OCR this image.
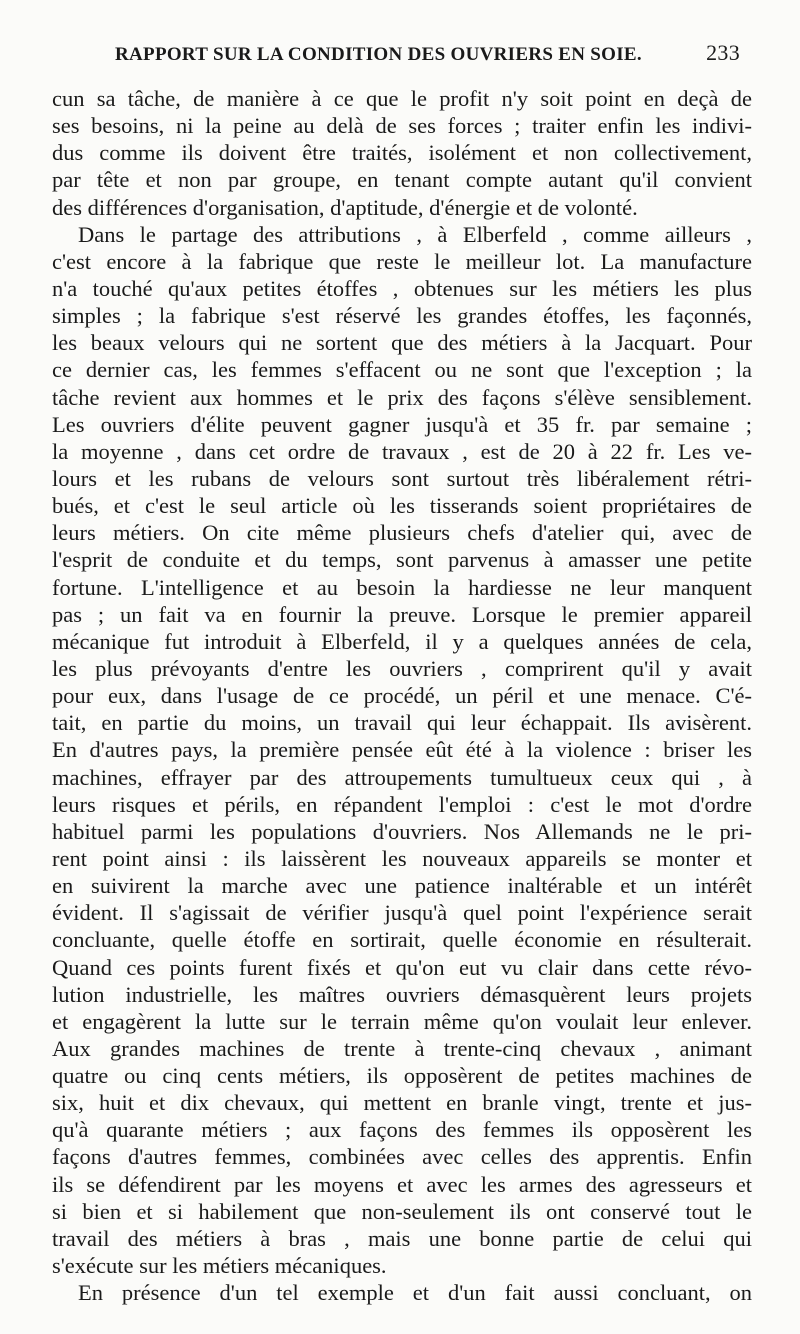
RAPPORT SUR LA CONDITION DES OUVRIERS EN SOIE.	233
cun sa tâche, de manière à ce que le profit n'y soit point en deçà de
ses besoins, ni la peine au delà de ses forces ; traiter enfin les indivi-
dus comme ils doivent être traités, isolément et non collectivement,
par tête et non par groupe, en tenant compte autant qu'il convient
des différences d'organisation, d'aptitude, d'énergie et de volonté.
Dans le partage des attributions , à Elberfeld , comme ailleurs ,
c'est encore à la fabrique que reste le meilleur lot. La manufacture
n'a touché qu'aux petites étoffes , obtenues sur les métiers les plus
simples ; la fabrique s'est réservé les grandes étoffes, les façonnés,
les beaux velours qui ne sortent que des métiers à la Jacquart. Pour
ce dernier cas, les femmes s'effacent ou ne sont que l'exception ; la
tâche revient aux hommes et le prix des façons s'élève sensiblement.
Les ouvriers d'élite peuvent gagner jusqu'à et 35 fr. par semaine ;
la moyenne , dans cet ordre de travaux , est de 20 à 22 fr. Les ve-
lours et les rubans de velours sont surtout très libéralement rétri-
bués, et c'est le seul article où les tisserands soient propriétaires de
leurs métiers. On cite même plusieurs chefs d'atelier qui, avec de
l'esprit de conduite et du temps, sont parvenus à amasser une petite
fortune. L'intelligence et au besoin la hardiesse ne leur manquent
pas ; un fait va en fournir la preuve. Lorsque le premier appareil
mécanique fut introduit à Elberfeld, il y a quelques années de cela,
les plus prévoyants d'entre les ouvriers , comprirent qu'il y avait
pour eux, dans l'usage de ce procédé, un péril et une menace. C'é-
tait, en partie du moins, un travail qui leur échappait. Ils avisèrent.
En d'autres pays, la première pensée eût été à la violence : briser les
machines, effrayer par des attroupements tumultueux ceux qui , à
leurs risques et périls, en répandent l'emploi : c'est le mot d'ordre
habituel parmi les populations d'ouvriers. Nos Allemands ne le pri-
rent point ainsi : ils laissèrent les nouveaux appareils se monter et
en suivirent la marche avec une patience inaltérable et un intérêt
évident. Il s'agissait de vérifier jusqu'à quel point l'expérience serait
concluante, quelle étoffe en sortirait, quelle économie en résulterait.
Quand ces points furent fixés et qu'on eut vu clair dans cette révo-
lution industrielle, les maîtres ouvriers démasquèrent leurs projets
et engagèrent la lutte sur le terrain même qu'on voulait leur enlever.
Aux grandes machines de trente à trente-cinq chevaux , animant
quatre ou cinq cents métiers, ils opposèrent de petites machines de
six, huit et dix chevaux, qui mettent en branle vingt, trente et jus-
qu'à quarante métiers ; aux façons des femmes ils opposèrent les
façons d'autres femmes, combinées avec celles des apprentis. Enfin
ils se défendirent par les moyens et avec les armes des agresseurs et
si bien et si habilement que non-seulement ils ont conservé tout le
travail des métiers à bras , mais une bonne partie de celui qui
s'exécute sur les métiers mécaniques.
En présence d'un tel exemple et d'un fait aussi concluant, on
